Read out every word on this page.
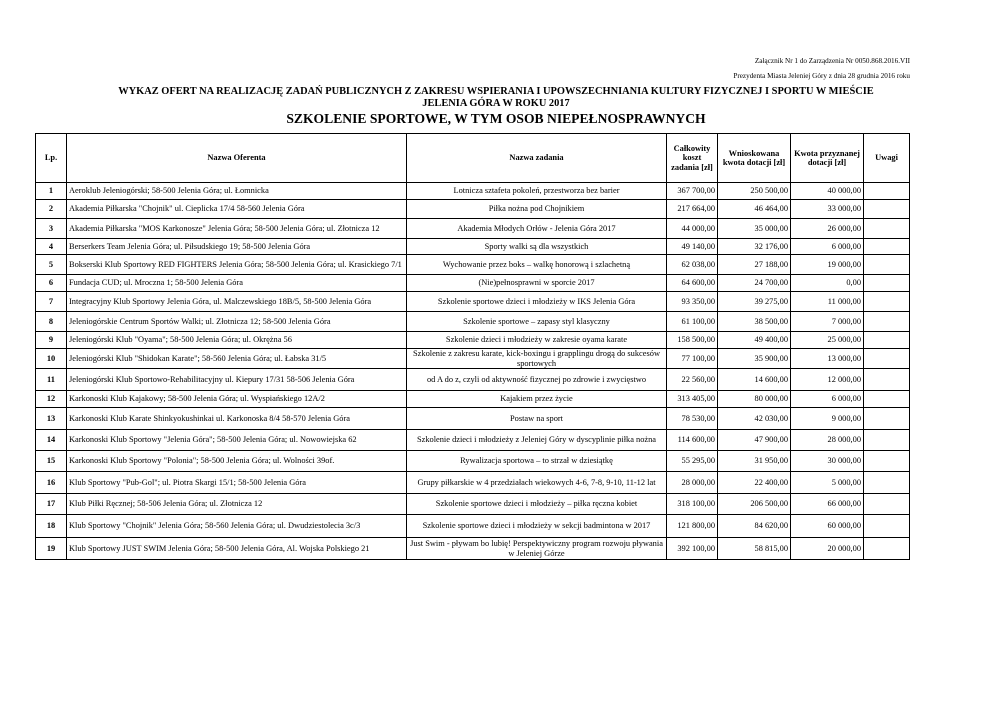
Załącznik Nr 1 do Zarządzenia Nr 0050.868.2016.VII
Prezydenta Miasta Jeleniej Góry z dnia 28 grudnia 2016 roku
WYKAZ OFERT NA REALIZACJĘ ZADAŃ PUBLICZNYCH Z ZAKRESU WSPIERANIA I UPOWSZECHNIANIA KULTURY FIZYCZNEJ I SPORTU W MIEŚCIE
JELENIA GÓRA W ROKU 2017
SZKOLENIE SPORTOWE, W TYM OSOB NIEPEŁNOSPRAWNYCH
Lp.	Nazwa Oferenta	Nazwa zadania	Całkowity koszt zadania [zł]	Wnioskowana kwota dotacji [zł]	Kwota przyznanej dotacji [zł]	Uwagi
1	Aeroklub Jeleniogórski; 58-500 Jelenia Góra; ul. Łomnicka	Lotnicza sztafeta pokoleń, przestworza bez barier	367 700,00	250 500,00	40 000,00	
2	Akademia Piłkarska "Chojnik" ul. Cieplicka 17/4 58-560 Jelenia Góra	Piłka nożna pod Chojnikiem	217 664,00	46 464,00	33 000,00	
3	Akademia Piłkarska "MOS Karkonosze" Jelenia Góra; 58-500 Jelenia Góra; ul. Złotnicza 12	Akademia Młodych Orłów - Jelenia Góra 2017	44 000,00	35 000,00	26 000,00	
4	Berserkers Team Jelenia Góra; ul. Piłsudskiego 19; 58-500 Jelenia Góra	Sporty walki są dla wszystkich	49 140,00	32 176,00	6 000,00	
5	Bokserski Klub Sportowy RED FIGHTERS Jelenia Góra; 58-500 Jelenia Góra; ul. Krasickiego 7/1	Wychowanie przez boks – walkę honorową i szlachetną	62 038,00	27 188,00	19 000,00	
6	Fundacja CUD; ul. Mroczna 1; 58-500 Jelenia Góra	(Nie)pełnosprawni w sporcie 2017	64 600,00	24 700,00	0,00	
7	Integracyjny Klub Sportowy Jelenia Góra, ul. Malczewskiego 18B/5, 58-500 Jelenia Góra	Szkolenie sportowe dzieci i młodzieży w IKS Jelenia Góra	93 350,00	39 275,00	11 000,00	
8	Jeleniogórskie Centrum Sportów Walki; ul. Złotnicza 12; 58-500 Jelenia Góra	Szkolenie sportowe – zapasy styl klasyczny	61 100,00	38 500,00	7 000,00	
9	Jeleniogórski Klub "Oyama"; 58-500 Jelenia Góra; ul. Okrężna 56	Szkolenie dzieci i młodzieży w zakresie oyama karate	158 500,00	49 400,00	25 000,00	
10	Jeleniogórski Klub "Shidokan Karate"; 58-560 Jelenia Góra; ul. Łabska 31/5	Szkolenie z zakresu karate, kick-boxingu i grapplingu drogą do sukcesów sportowych	77 100,00	35 900,00	13 000,00	
11	Jeleniogórski Klub Sportowo-Rehabilitacyjny ul. Kiepury 17/31 58-506 Jelenia Góra	od A do z, czyli od aktywność fizycznej po zdrowie i zwycięstwo	22 560,00	14 600,00	12 000,00	
12	Karkonoski Klub Kajakowy; 58-500 Jelenia Góra; ul. Wyspiańskiego 12A/2	Kajakiem przez życie	313 405,00	80 000,00	6 000,00	
13	Karkonoski Klub Karate Shinkyokushinkai ul. Karkonoska 8/4 58-570 Jelenia Góra	Postaw na sport	78 530,00	42 030,00	9 000,00	
14	Karkonoski Klub Sportowy "Jelenia Góra"; 58-500 Jelenia Góra; ul. Nowowiejska 62	Szkolenie dzieci i młodzieży z Jeleniej Góry w dyscyplinie piłka nożna	114 600,00	47 900,00	28 000,00	
15	Karkonoski Klub Sportowy "Polonia"; 58-500 Jelenia Góra; ul. Wolności 39of.	Rywalizacja sportowa – to strzał w dziesiątkę	55 295,00	31 950,00	30 000,00	
16	Klub Sportowy "Pub-Gol"; ul. Piotra Skargi 15/1; 58-500 Jelenia Góra	Grupy piłkarskie w 4 przedziałach wiekowych 4-6, 7-8, 9-10, 11-12 lat	28 000,00	22 400,00	5 000,00	
17	Klub Piłki Ręcznej; 58-506 Jelenia Góra; ul. Złotnicza 12	Szkolenie sportowe dzieci i młodzieży – piłka ręczna kobiet	318 100,00	206 500,00	66 000,00	
18	Klub Sportowy "Chojnik" Jelenia Góra; 58-560 Jelenia Góra; ul. Dwudziestolecia 3c/3	Szkolenie sportowe dzieci i młodzieży w sekcji badmintona w 2017	121 800,00	84 620,00	60 000,00	
19	Klub Sportowy JUST SWIM Jelenia Góra; 58-500 Jelenia Góra, Al. Wojska Polskiego 21	Just Swim - pływam bo lubię! Perspektywiczny program rozwoju pływania w Jeleniej Górze	392 100,00	58 815,00	20 000,00	
